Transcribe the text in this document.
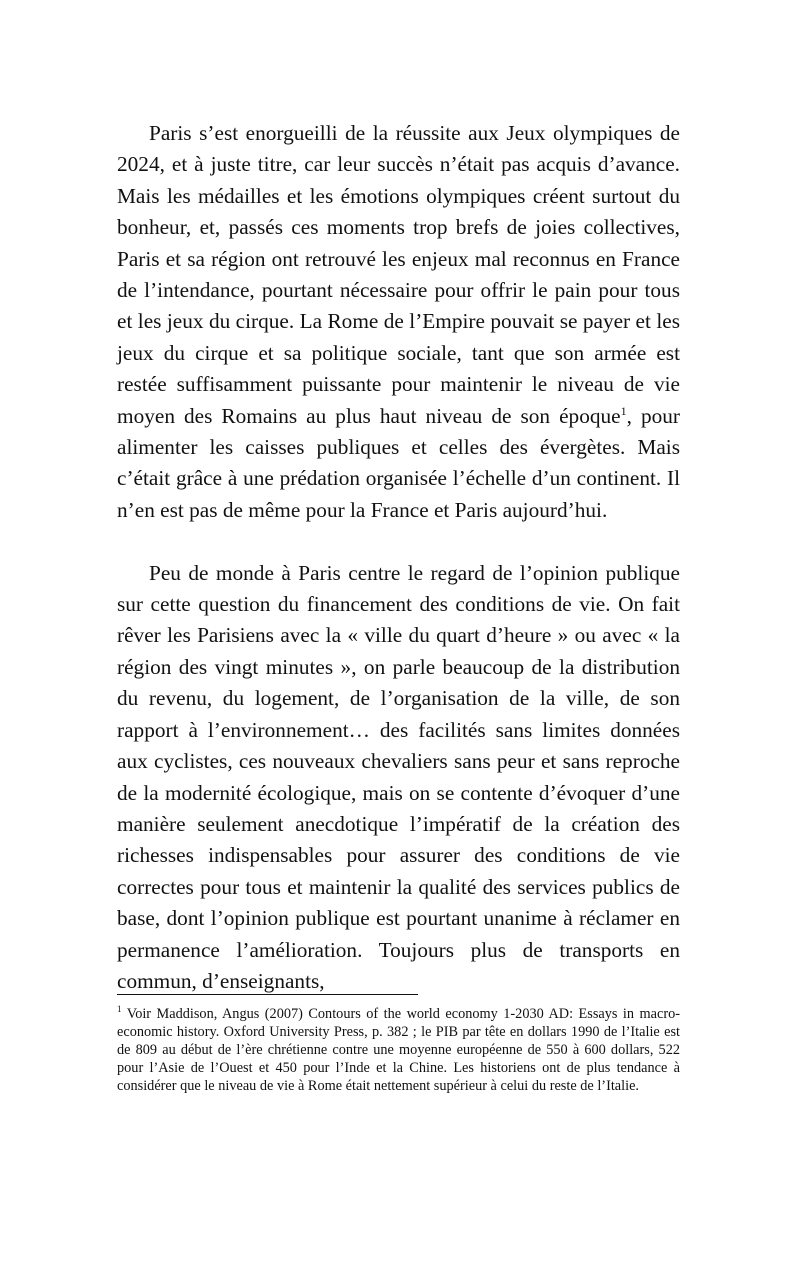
Paris s’est enorgueilli de la réussite aux Jeux olympiques de 2024, et à juste titre, car leur succès n’était pas acquis d’avance. Mais les médailles et les émotions olympiques créent surtout du bonheur, et, passés ces moments trop brefs de joies collectives, Paris et sa région ont retrouvé les enjeux mal reconnus en France de l’intendance, pourtant nécessaire pour offrir le pain pour tous et les jeux du cirque. La Rome de l’Empire pouvait se payer et les jeux du cirque et sa politique sociale, tant que son armée est restée suffisamment puissante pour maintenir le niveau de vie moyen des Romains au plus haut niveau de son époque$^1$, pour alimenter les caisses publiques et celles des évergètes. Mais c’était grâce à une prédation organisée l’échelle d’un continent. Il n’en est pas de même pour la France et Paris aujourd’hui.

Peu de monde à Paris centre le regard de l’opinion publique sur cette question du financement des conditions de vie. On fait rêver les Parisiens avec la « ville du quart d’heure » ou avec « la région des vingt minutes », on parle beaucoup de la distribution du revenu, du logement, de l’organisation de la ville, de son rapport à l’environnement… des facilités sans limites données aux cyclistes, ces nouveaux chevaliers sans peur et sans reproche de la modernité écologique, mais on se contente d’évoquer d’une manière seulement anecdotique l’impératif de la création des richesses indispensables pour assurer des conditions de vie correctes pour tous et maintenir la qualité des services publics de base, dont l’opinion publique est pourtant unanime à réclamer en permanence l’amélioration. Toujours plus de transports en commun, d’enseignants,

$^1$ Voir Maddison, Angus (2007) Contours of the world economy 1-2030 AD: Essays in macro-economic history. Oxford University Press, p. 382 ; le PIB par tête en dollars 1990 de l’Italie est de 809 au début de l’ère chrétienne contre une moyenne européenne de 550 à 600 dollars, 522 pour l’Asie de l’Ouest et 450 pour l’Inde et la Chine. Les historiens ont de plus tendance à considérer que le niveau de vie à Rome était nettement supérieur à celui du reste de l’Italie.
